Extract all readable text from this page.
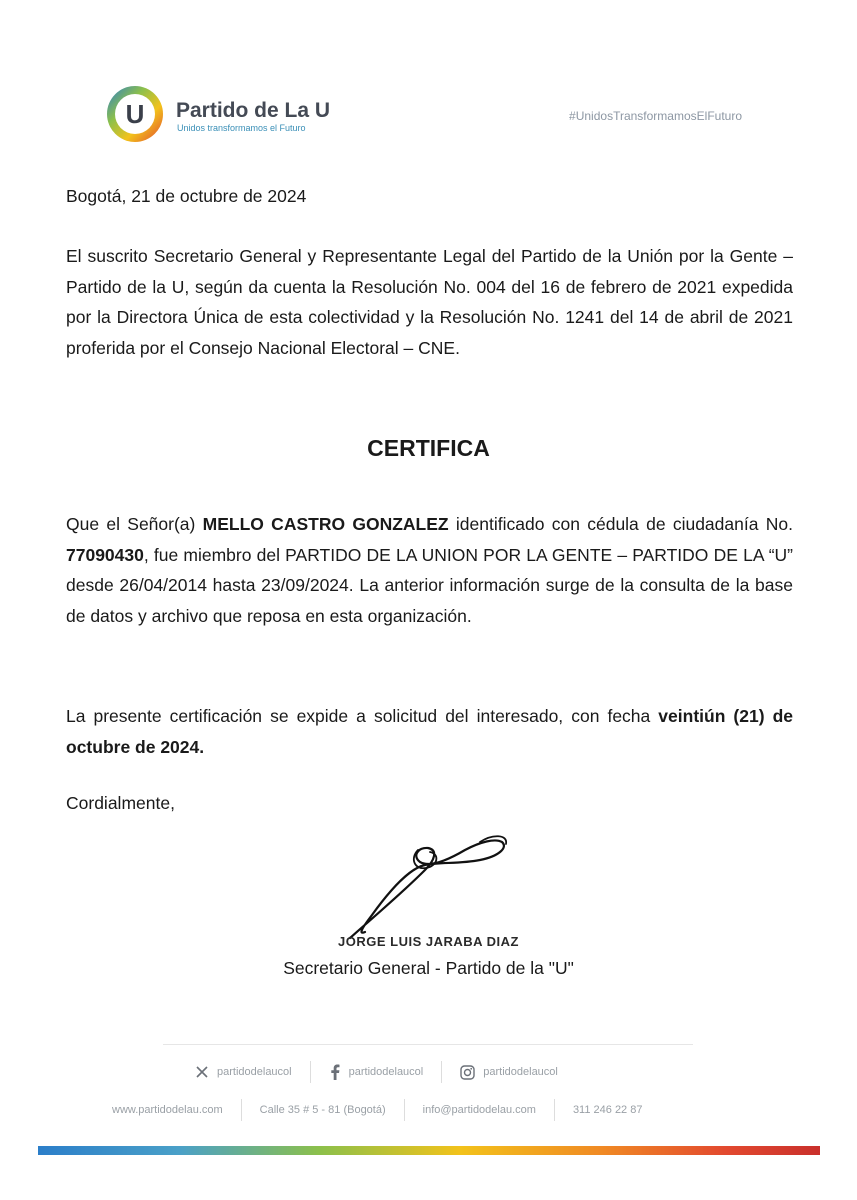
U Partido de La U
Unidos transformamos el Futuro
#UnidosTransformamosElFuturo
Bogotá, 21 de octubre de 2024
El suscrito Secretario General y Representante Legal del Partido de la Unión por la Gente – Partido de la U, según da cuenta la Resolución No. 004 del 16 de febrero de 2021 expedida por la Directora Única de esta colectividad y la Resolución No. 1241 del 14 de abril de 2021 proferida por el Consejo Nacional Electoral – CNE.
CERTIFICA
Que el Señor(a) MELLO CASTRO GONZALEZ identificado con cédula de ciudadanía No. 77090430, fue miembro del PARTIDO DE LA UNION POR LA GENTE – PARTIDO DE LA “U” desde 26/04/2014 hasta 23/09/2024. La anterior información surge de la consulta de la base de datos y archivo que reposa en esta organización.
La presente certificación se expide a solicitud del interesado, con fecha veintiún (21) de octubre de 2024.
Cordialmente,
JORGE LUIS JARABA DIAZ
Secretario General - Partido de la "U"
partidodelaucol	partidodelaucol	partidodelaucol
www.partidodelau.com	Calle 35 # 5 - 81 (Bogotá)	info@partidodelau.com	311 246 22 87
